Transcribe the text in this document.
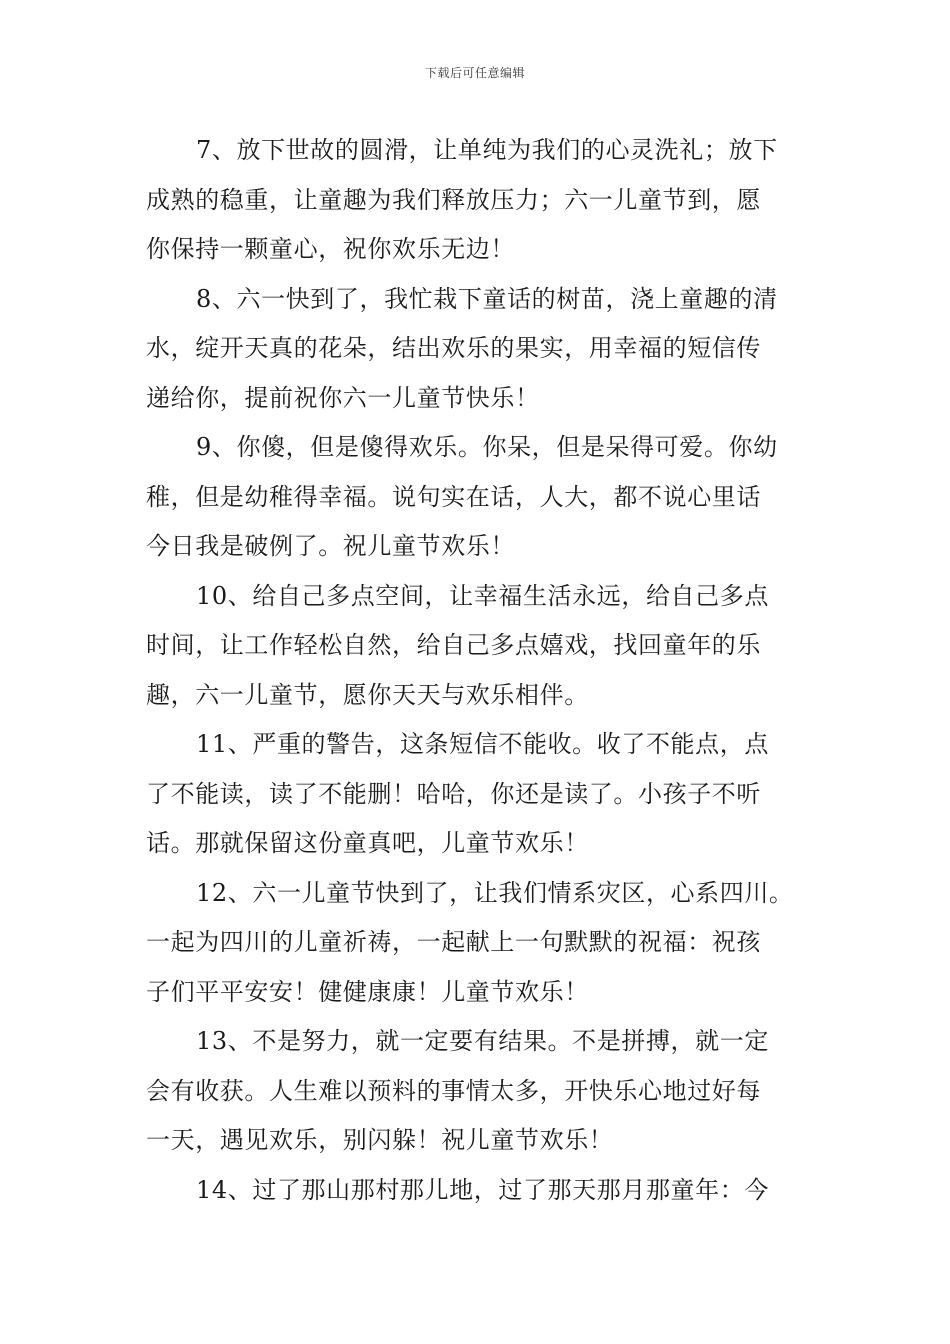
下载后可任意编辑
7、放下世故的圆滑，让单纯为我们的心灵洗礼；放下
成熟的稳重，让童趣为我们释放压力；六一儿童节到，愿
你保持一颗童心，祝你欢乐无边！
8、六一快到了，我忙栽下童话的树苗，浇上童趣的清
水，绽开天真的花朵，结出欢乐的果实，用幸福的短信传
递给你，提前祝你六一儿童节快乐！
9、你傻，但是傻得欢乐。你呆，但是呆得可爱。你幼
稚，但是幼稚得幸福。说句实在话，人大，都不说心里话
今日我是破例了。祝儿童节欢乐！
10、给自己多点空间，让幸福生活永远，给自己多点
时间，让工作轻松自然，给自己多点嬉戏，找回童年的乐
趣，六一儿童节，愿你天天与欢乐相伴。
11、严重的警告，这条短信不能收。收了不能点，点
了不能读，读了不能删！哈哈，你还是读了。小孩子不听
话。那就保留这份童真吧，儿童节欢乐！
12、六一儿童节快到了，让我们情系灾区，心系四川。
一起为四川的儿童祈祷，一起献上一句默默的祝福：祝孩
子们平平安安！健健康康！儿童节欢乐！
13、不是努力，就一定要有结果。不是拼搏，就一定
会有收获。人生难以预料的事情太多，开快乐心地过好每
一天，遇见欢乐，别闪躲！祝儿童节欢乐！
14、过了那山那村那儿地，过了那天那月那童年：今
